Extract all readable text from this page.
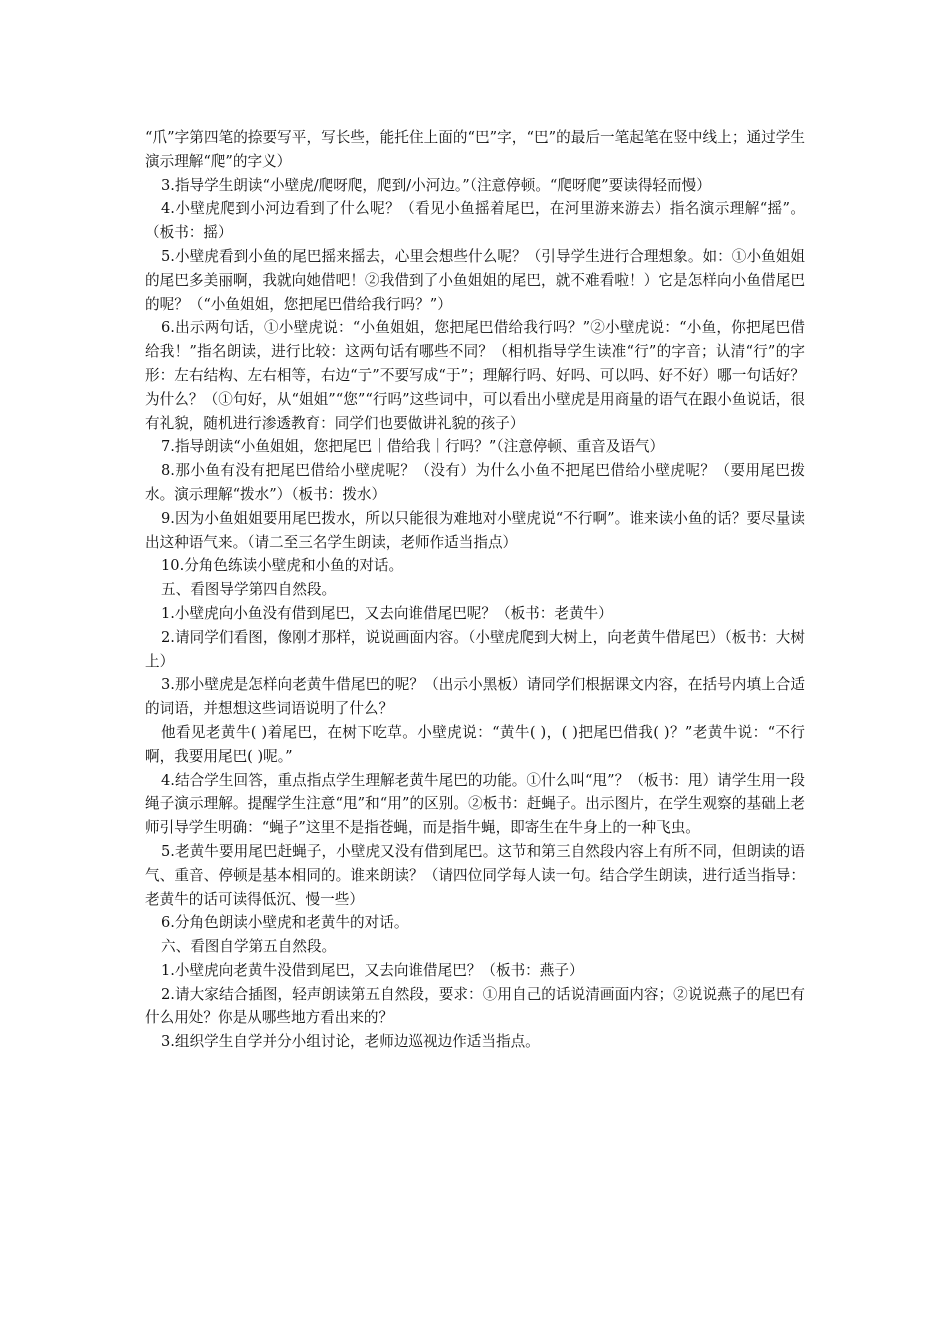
“爪”字第四笔的捺要写平，写长些，能托住上面的“巴”字，“巴”的最后一笔起笔在竖中线上；通过学生演示理解“爬”的字义）

3.指导学生朗读“小壁虎/爬呀爬，爬到/小河边。”（注意停顿。“爬呀爬”要读得轻而慢）

4.小壁虎爬到小河边看到了什么呢？（看见小鱼摇着尾巴，在河里游来游去）指名演示理解“摇”。（板书：摇）

5.小壁虎看到小鱼的尾巴摇来摇去，心里会想些什么呢？（引导学生进行合理想象。如：①小鱼姐姐的尾巴多美丽啊，我就向她借吧！②我借到了小鱼姐姐的尾巴，就不难看啦！）它是怎样向小鱼借尾巴的呢？（“小鱼姐姐，您把尾巴借给我行吗？”）

6.出示两句话，①小壁虎说：“小鱼姐姐，您把尾巴借给我行吗？”②小壁虎说：“小鱼，你把尾巴借给我！”指名朗读，进行比较：这两句话有哪些不同？（相机指导学生读准“行”的字音；认清“行”的字形：左右结构、左右相等，右边“亍”不要写成“于”；理解行吗、好吗、可以吗、好不好）哪一句话好？为什么？（①句好，从“姐姐”“您”“行吗”这些词中，可以看出小壁虎是用商量的语气在跟小鱼说话，很有礼貌，随机进行渗透教育：同学们也要做讲礼貌的孩子）

7.指导朗读“小鱼姐姐，您把尾巴｜借给我｜行吗？”（注意停顿、重音及语气）

8.那小鱼有没有把尾巴借给小壁虎呢？（没有）为什么小鱼不把尾巴借给小壁虎呢？（要用尾巴拨水。演示理解“拨水”）（板书：拨水）

9.因为小鱼姐姐要用尾巴拨水，所以只能很为难地对小壁虎说“不行啊”。谁来读小鱼的话？要尽量读出这种语气来。（请二至三名学生朗读，老师作适当指点）

10.分角色练读小壁虎和小鱼的对话。

五、看图导学第四自然段。

1.小壁虎向小鱼没有借到尾巴，又去向谁借尾巴呢？（板书：老黄牛）

2.请同学们看图，像刚才那样，说说画面内容。（小壁虎爬到大树上，向老黄牛借尾巴）（板书：大树上）

3.那小壁虎是怎样向老黄牛借尾巴的呢？（出示小黑板）请同学们根据课文内容，在括号内填上合适的词语，并想想这些词语说明了什么？

他看见老黄牛( )着尾巴，在树下吃草。小壁虎说：“黄牛( )，( )把尾巴借我( )？”老黄牛说：“不行啊，我要用尾巴( )呢。”

4.结合学生回答，重点指点学生理解老黄牛尾巴的功能。①什么叫“甩”？（板书：甩）请学生用一段绳子演示理解。提醒学生注意“甩”和“用”的区别。②板书：赶蝇子。出示图片，在学生观察的基础上老师引导学生明确：“蝇子”这里不是指苍蝇，而是指牛蝇，即寄生在牛身上的一种飞虫。

5.老黄牛要用尾巴赶蝇子，小壁虎又没有借到尾巴。这节和第三自然段内容上有所不同，但朗读的语气、重音、停顿是基本相同的。谁来朗读？（请四位同学每人读一句。结合学生朗读，进行适当指导：老黄牛的话可读得低沉、慢一些）

6.分角色朗读小壁虎和老黄牛的对话。

六、看图自学第五自然段。

1.小壁虎向老黄牛没借到尾巴，又去向谁借尾巴？（板书：燕子）

2.请大家结合插图，轻声朗读第五自然段，要求：①用自己的话说清画面内容；②说说燕子的尾巴有什么用处？你是从哪些地方看出来的？

3.组织学生自学并分小组讨论，老师边巡视边作适当指点。
